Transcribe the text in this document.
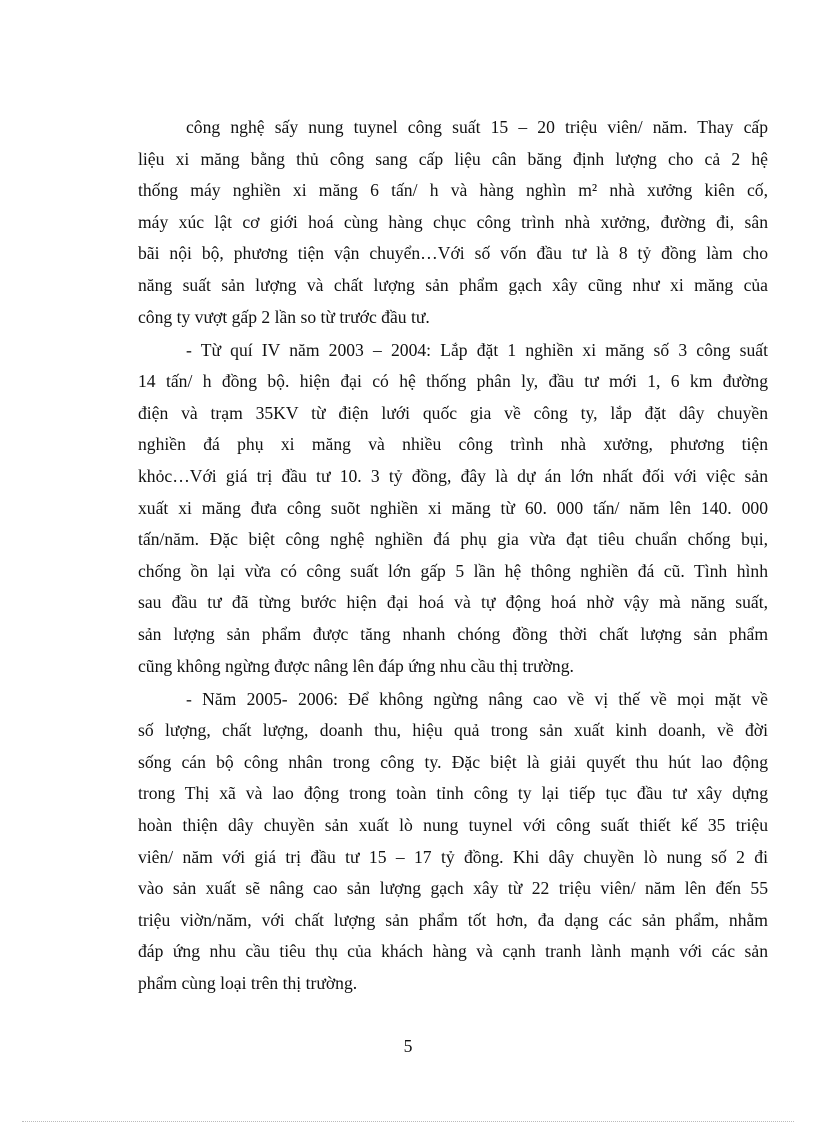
công nghệ sấy nung tuynel công suất 15 – 20 triệu viên/ năm. Thay cấp
liệu xi măng bằng thủ công sang cấp liệu cân băng định lượng cho cả 2 hệ
thống máy nghiền xi măng 6 tấn/ h và hàng nghìn m² nhà xưởng kiên cố,
máy xúc lật cơ giới hoá cùng hàng chục công trình nhà xưởng, đường đi, sân
bãi nội bộ, phương tiện vận chuyển…Với số vốn đầu tư là 8 tỷ đồng làm cho
năng suất sản lượng và chất lượng sản phẩm gạch xây cũng như xi măng của
công ty vượt gấp 2 lần so từ trước đầu tư.
- Từ quí IV năm 2003 – 2004: Lắp đặt 1 nghiền xi măng số 3 công suất
14 tấn/ h đồng bộ. hiện đại có hệ thống phân ly, đầu tư mới 1, 6 km đường
điện và trạm 35KV từ điện lưới quốc gia về công ty, lắp đặt dây chuyền
nghiền đá phụ xi măng và nhiều công trình nhà xưởng, phương tiện
khỏc…Với giá trị đầu tư 10. 3 tỷ đồng, đây là dự án lớn nhất đối với việc sản
xuất xi măng đưa công suõt nghiền xi măng từ 60. 000 tấn/ năm lên 140. 000
tấn/năm. Đặc biệt công nghệ nghiền đá phụ gia vừa đạt tiêu chuẩn chống bụi,
chống ồn lại vừa có công suất lớn gấp 5 lần hệ thông nghiền đá cũ. Tình hình
sau đầu tư đã từng bước hiện đại hoá và tự động hoá nhờ vậy mà năng suất,
sản lượng sản phẩm được tăng nhanh chóng đồng thời chất lượng sản phẩm
cũng không ngừng được nâng lên đáp ứng nhu cầu thị trường.
- Năm 2005- 2006: Để không ngừng nâng cao về vị thế về mọi mặt về
số lượng, chất lượng, doanh thu, hiệu quả trong sản xuất kinh doanh, về đời
sống cán bộ công nhân trong công ty. Đặc biệt là giải quyết thu hút lao động
trong Thị xã và lao động trong toàn tỉnh công ty lại tiếp tục đầu tư xây dựng
hoàn thiện dây chuyền sản xuất lò nung tuynel với công suất thiết kế 35 triệu
viên/ năm với giá trị đầu tư 15 – 17 tỷ đồng. Khi dây chuyền lò nung số 2 đi
vào sản xuất sẽ nâng cao sản lượng gạch xây từ 22 triệu viên/ năm lên đến 55
triệu viờn/năm, với chất lượng sản phẩm tốt hơn, đa dạng các sản phẩm, nhằm
đáp ứng nhu cầu tiêu thụ của khách hàng và cạnh tranh lành mạnh với các sản
phẩm cùng loại trên thị trường.
5
